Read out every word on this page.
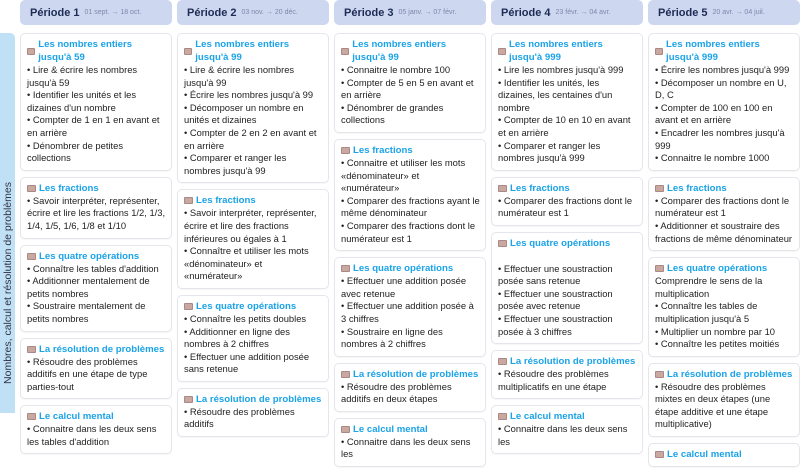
Nombres, calcul et résolution de problèmes
Période 1 01 sept. → 18 oct.
Les nombres entiers jusqu'à 59
• Lire & écrire les nombres jusqu'à 59
• Identifier les unités et les dizaines d'un nombre
• Compter de 1 en 1 en avant et en arrière
• Dénombrer de petites collections
Les fractions
• Savoir interpréter, représenter, écrire et lire les fractions 1/2, 1/3, 1/4, 1/5, 1/6, 1/8 et 1/10
Les quatre opérations
• Connaître les tables d'addition
• Additionner mentalement de petits nombres
• Soustraire mentalement de petits nombres
La résolution de problèmes
• Résoudre des problèmes additifs en une étape de type parties-tout
Le calcul mental
• Connaitre dans les deux sens les tables d'addition
Période 2 03 nov. → 20 déc.
Les nombres entiers jusqu'à 99
• Lire & écrire les nombres jusqu'à 99
• Écrire les nombres jusqu'à 99
• Décomposer un nombre en unités et dizaines
• Compter de 2 en 2 en avant et en arrière
• Comparer et ranger les nombres jusqu'à 99
Les fractions
• Savoir interpréter, représenter, écrire et lire des fractions inférieures ou égales à 1
• Connaître et utiliser les mots «dénominateur» et «numérateur»
Les quatre opérations
• Connaître les petits doubles
• Additionner en ligne des nombres à 2 chiffres
• Effectuer une addition posée sans retenue
La résolution de problèmes
• Résoudre des problèmes additifs
Période 3 05 janv. → 07 févr.
Les nombres entiers jusqu'à 99
• Connaitre le nombre 100
• Compter de 5 en 5 en avant et en arrière
• Dénombrer de grandes collections
Les fractions
• Connaitre et utiliser les mots «dénominateur» et «numérateur»
• Comparer des fractions ayant le même dénominateur
• Comparer des fractions dont le numérateur est 1
Les quatre opérations
• Effectuer une addition posée avec retenue
• Effectuer une addition posée à 3 chiffres
• Soustraire en ligne des nombres à 2 chiffres
La résolution de problèmes
• Résoudre des problèmes additifs en deux étapes
Le calcul mental
• Connaitre dans les deux sens les
Période 4 23 févr. → 04 avr.
Les nombres entiers jusqu'à 999
• Lire les nombres jusqu'à 999
• Identifier les unités, les dizaines, les centaines d'un nombre
• Compter de 10 en 10 en avant et en arrière
• Comparer et ranger les nombres jusqu'à 999
Les fractions
• Comparer des fractions dont le numérateur est 1
Les quatre opérations
• Effectuer une soustraction posée sans retenue
• Effectuer une soustraction posée avec retenue
• Effectuer une soustraction posée à 3 chiffres
La résolution de problèmes
• Résoudre des problèmes multiplicatifs en une étape
Le calcul mental
• Connaitre dans les deux sens les
Période 5 20 avr. → 04 juil.
Les nombres entiers jusqu'à 999
• Écrire les nombres jusqu'à 999
• Décomposer un nombre en U, D, C
• Compter de 100 en 100 en avant et en arrière
• Encadrer les nombres jusqu'à 999
• Connaitre le nombre 1000
Les fractions
• Comparer des fractions dont le numérateur est 1
• Additionner et soustraire des fractions de même dénominateur
Les quatre opérations
Comprendre le sens de la multiplication
• Connaître les tables de multiplication jusqu'à 5
• Multiplier un nombre par 10
• Connaître les petites moitiés
La résolution de problèmes
• Résoudre des problèmes mixtes en deux étapes (une étape additive et une étape multiplicative)
Le calcul mental
